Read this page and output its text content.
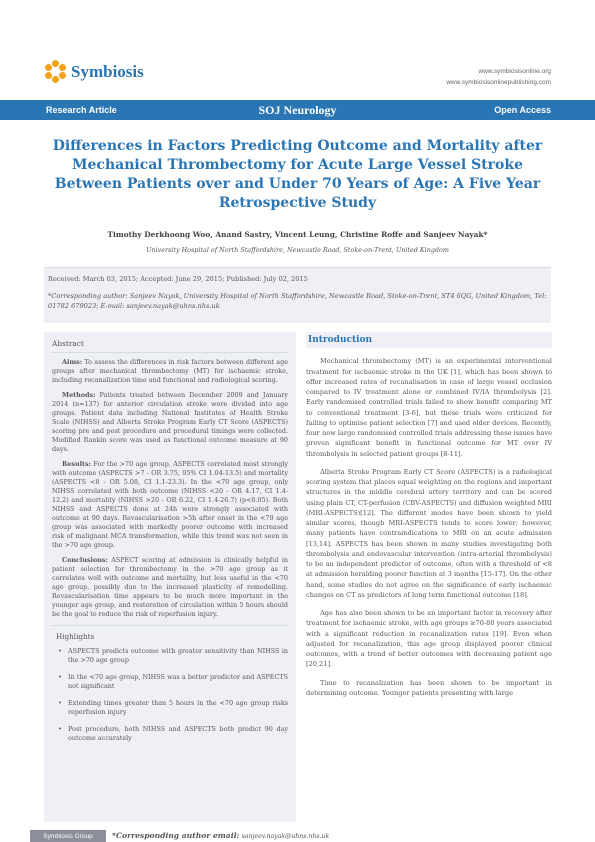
Symbiosis	www.symbiosisonline.org
www.symbiosisonlinepublishing.com
SOJ Neurology
Research Article	Open Access
Differences in Factors Predicting Outcome and Mortality after Mechanical Thrombectomy for Acute Large Vessel Stroke Between Patients over and Under 70 Years of Age: A Five Year Retrospective Study
Timothy Derkhoong Woo, Anand Sastry, Vincent Leung, Christine Roffe and Sanjeev Nayak*
University Hospital of North Staffordshire, Newcastle Road, Stoke-on-Trent, United Kingdom
Received: March 03, 2015; Accepted: June 29, 2015; Published: July 02, 2015
*Corresponding author: Sanjeev Nayak, University Hospital of North Staffordshire, Newcastle Road, Stoke-on-Trent, ST4 6QG, United Kingdom, Tel: 01782 679023; E-mail: sanjeev.nayak@uhns.nhs.uk
Abstract

Aims: To assess the differences in risk factors between different age groups after mechanical thrombectomy (MT) for ischaemic stroke, including recanalization time and functional and radiological scoring.

Methods: Patients treated between December 2009 and January 2014 (n=137) for anterior circulation stroke were divided into age groups. Patient data including National Institutes of Health Stroke Scale (NIHSS) and Alberta Stroke Program Early CT Score (ASPECTS) scoring pre and post procedure and procedural timings were collected. Modified Rankin score was used as functional outcome measure at 90 days.

Results: For the >70 age group, ASPECTS correlated most strongly with outcome (ASPECTS >7 - OR 3.75, 95% CI 1.04-13.5) and mortality (ASPECTS <8 - OR 5.08, CI 1.1-23.3). In the <70 age group, only NIHSS correlated with both outcome (NIHSS <20 - OR 4.17, CI 1.4-12.2) and mortality (NIHSS >20 - OR 6.22, CI 1.4-26.7) (p<0.05). Both NIHSS and ASPECTS done at 24h were strongly associated with outcome at 90 days. Revascularisation >5h after onset in the <70 age group was associated with markedly poorer outcome with increased risk of malignant MCA transformation, while this trend was not seen in the >70 age group.

Conclusions: ASPECT scoring at admission is clinically helpful in patient selection for thrombectomy in the >70 age group as it correlates well with outcome and mortality, but less useful in the <70 age group, possibly due to the increased plasticity of remodelling. Revascularisation time appears to be much more important in the younger age group, and restoration of circulation within 5 hours should be the goal to reduce the risk of reperfusion injury.

Highlights
• ASPECTS predicts outcome with greater sensitivity than NIHSS in the >70 age group
• In the <70 age group, NIHSS was a better predictor and ASPECTS not significant
• Extending times greater than 5 hours in the <70 age group risks reperfusion injury
• Post procedure, both NIHSS and ASPECTS both predict 90 day outcome accurately
Introduction

Mechanical thrombectomy (MT) is an experimental interventional treatment for ischaemic stroke in the UK [1], which has been shown to offer increased rates of recanalisation in case of large vessel occlusion compared to IV treatment alone or combined IV/IA thrombolysis [2]. Early randomised controlled trials failed to show benefit comparing MT to conventional treatment [3-6], but these trials were criticized for failing to optimise patient selection [7] and used older devices. Recently, four new large randomised controlled trials addressing these issues have proven significant benefit in functional outcome for MT over IV thrombolysis in selected patient groups [8-11].

Alberta Stroke Program Early CT Score (ASPECTS) is a radiological scoring system that places equal weighting on the regions and important structures in the middle cerebral artery territory and can be scored using plain CT, CT-perfusion (CBV-ASPECTS) and diffusion weighted MRI (MRI-ASPECTS)[12]. The different modes have been shown to yield similar scores, though MRI-ASPECTS tends to score lower; however, many patients have contraindications to MRI on an acute admission [13,14]. ASPECTS has been shown in many studies investigating both thrombolysis and endovascular intervention (intra-arterial thrombolysis) to be an independent predictor of outcome, often with a threshold of <8 at admission heralding poorer function at 3 months [15-17]. On the other hand, some studies do not agree on the significance of early ischaemic changes on CT as predictors of long term functional outcome [18].

Age has also been shown to be an important factor in recovery after treatment for ischaemic stroke, with age groups ≥70-80 years associated with a significant reduction in recanalization rates [19]. Even when adjusted for recanalization, this age group displayed poorer clinical outcomes, with a trend of better outcomes with decreasing patient age [20,21].

Time to recanalization has been shown to be important in determining outcome. Younger patients presenting with large

Symbiosis Group	*Corresponding author email: sanjeev.nayak@uhns.nhs.uk
